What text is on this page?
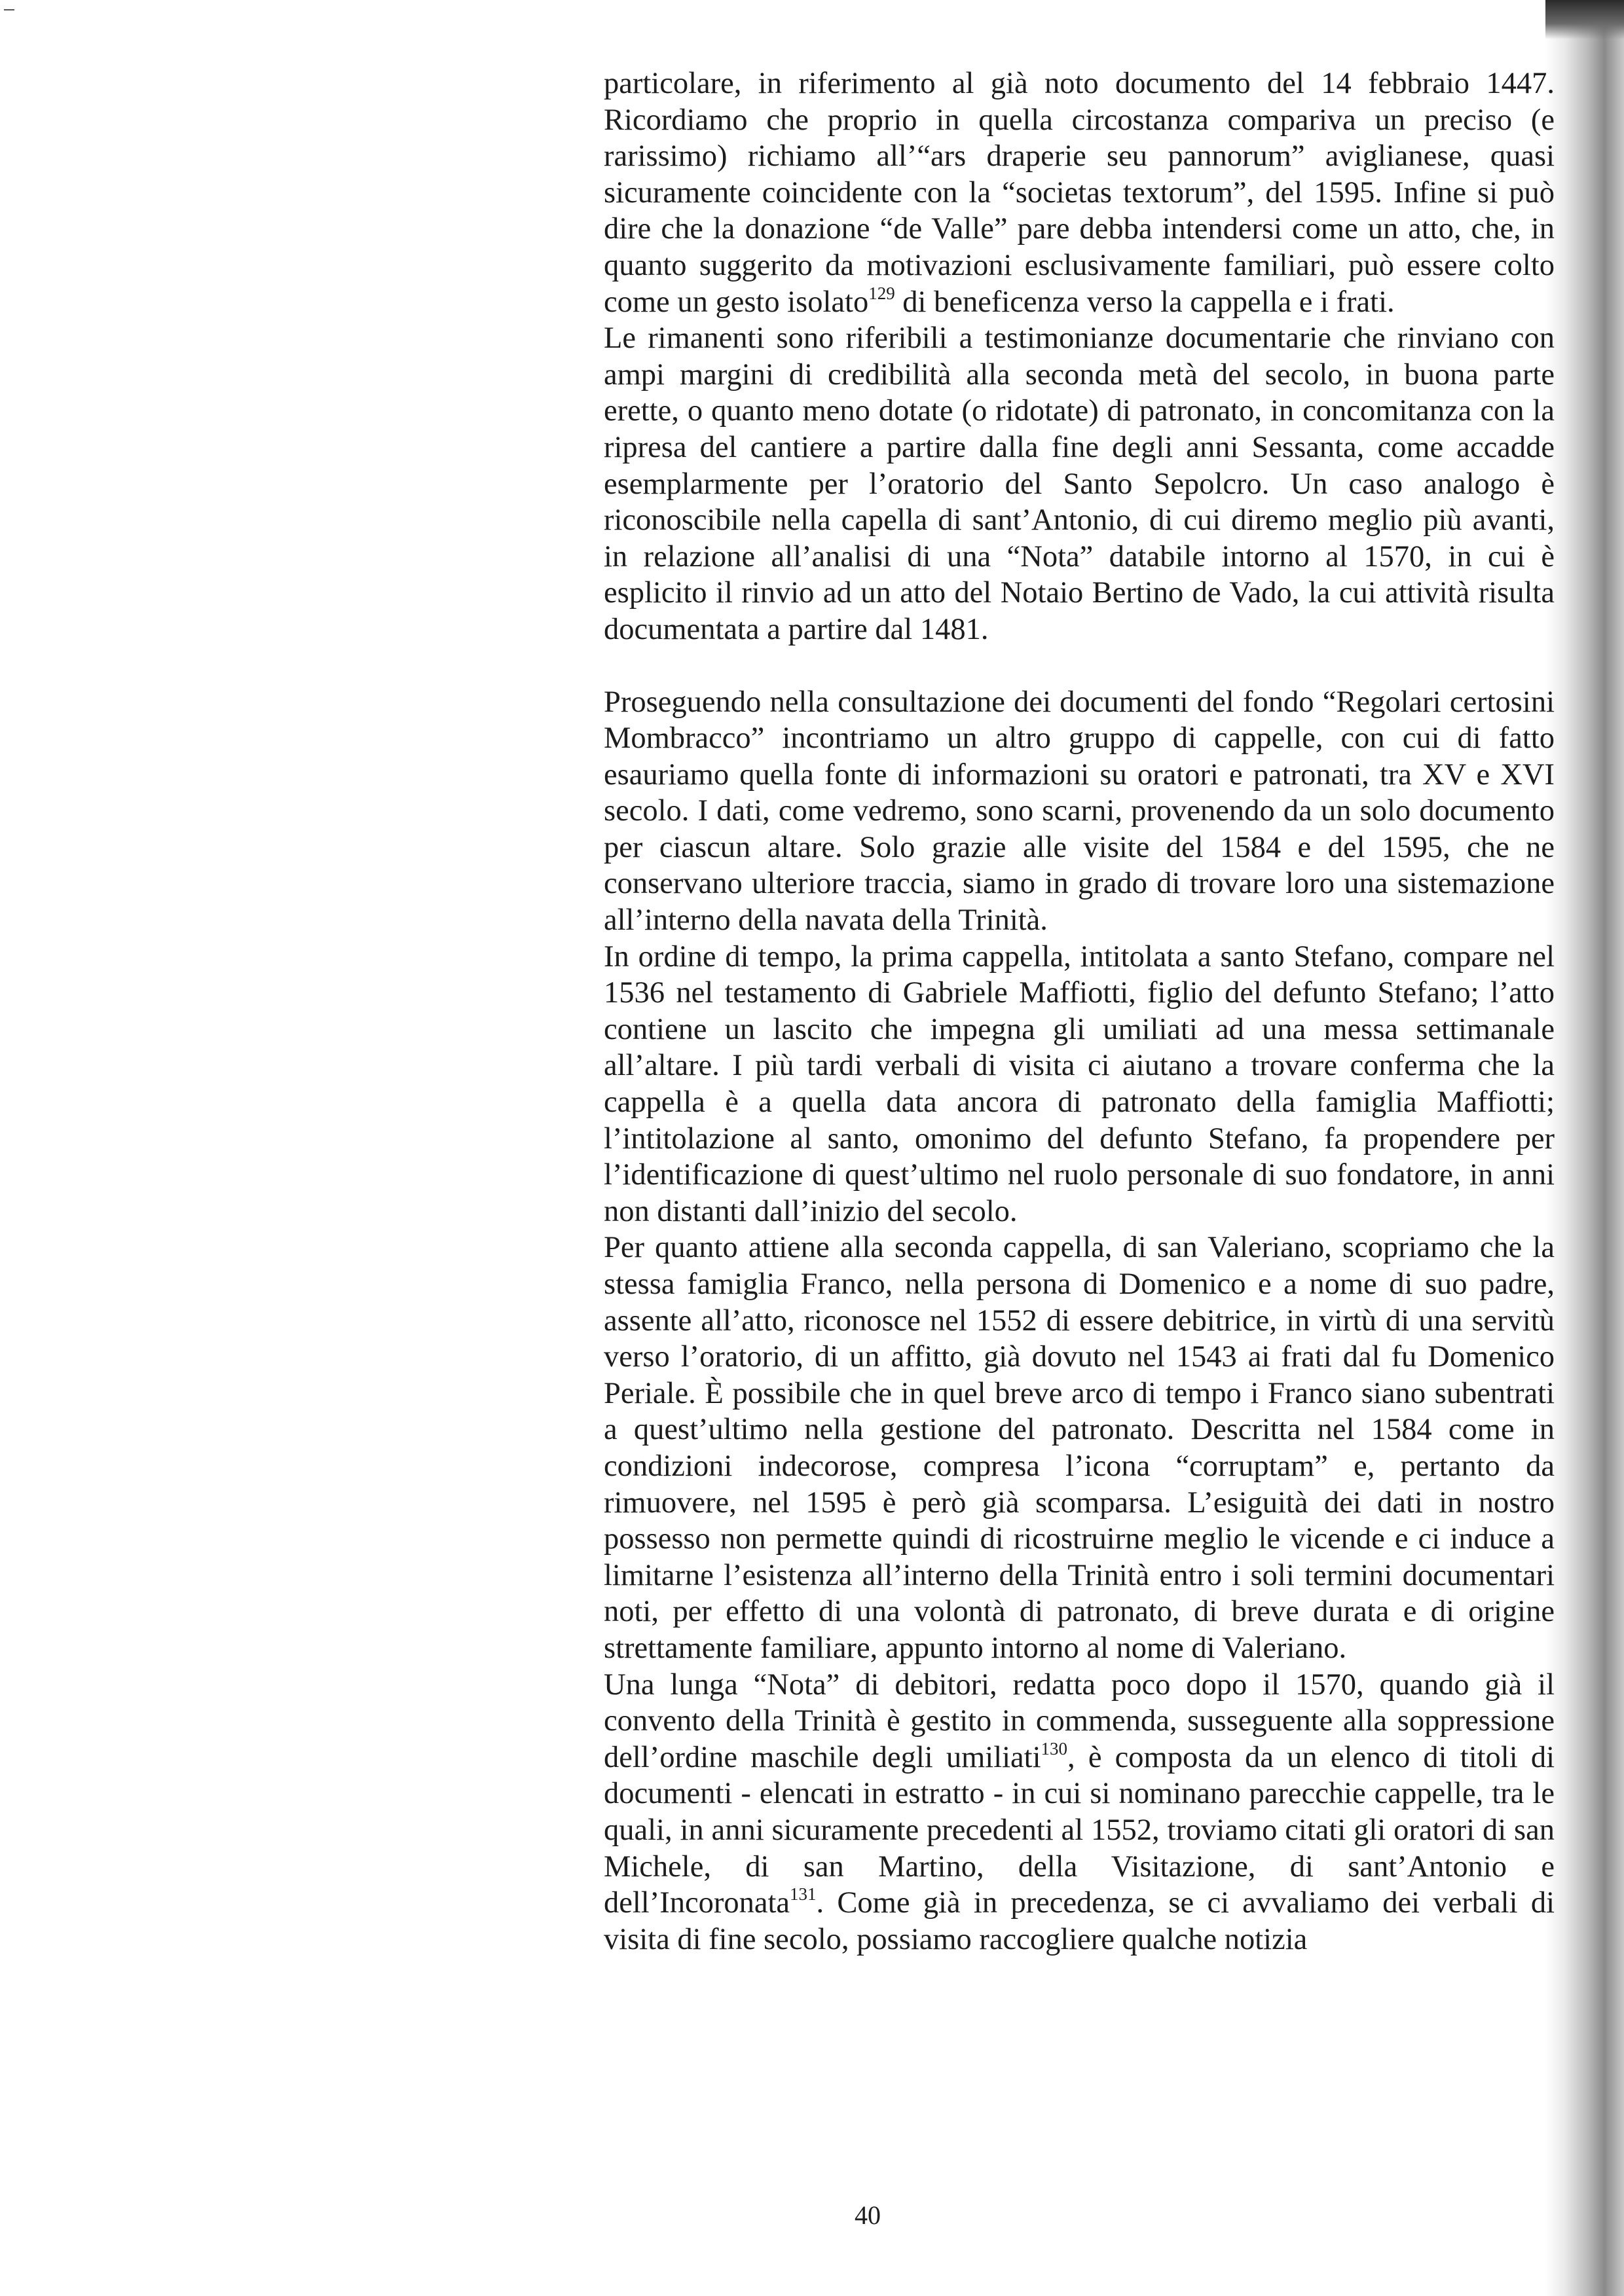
particolare, in riferimento al già noto documento del 14 febbraio 1447. Ricordiamo che proprio in quella circostanza compariva un preciso (e rarissimo) richiamo all’“ars draperie seu pannorum” aviglianese, quasi sicuramente coincidente con la “societas textorum”, del 1595. Infine si può dire che la donazione “de Valle” pare debba intendersi come un atto, che, in quanto suggerito da motivazioni esclusivamente familiari, può essere colto come un gesto isolato$^{129}$ di beneficenza verso la cappella e i frati.

Le rimanenti sono riferibili a testimonianze documentarie che rinviano con ampi margini di credibilità alla seconda metà del secolo, in buona parte erette, o quanto meno dotate (o ridotate) di patronato, in concomitanza con la ripresa del cantiere a partire dalla fine degli anni Sessanta, come accadde esemplarmente per l’oratorio del Santo Sepolcro. Un caso analogo è riconoscibile nella capella di sant’Antonio, di cui diremo meglio più avanti, in relazione all’analisi di una “Nota” databile intorno al 1570, in cui è esplicito il rinvio ad un atto del Notaio Bertino de Vado, la cui attività risulta documentata a partire dal 1481.

Proseguendo nella consultazione dei documenti del fondo “Regolari certosini Mombracco” incontriamo un altro gruppo di cappelle, con cui di fatto esauriamo quella fonte di informazioni su oratori e patronati, tra XV e XVI secolo. I dati, come vedremo, sono scarni, provenendo da un solo documento per ciascun altare. Solo grazie alle visite del 1584 e del 1595, che ne conservano ulteriore traccia, siamo in grado di trovare loro una sistemazione all’interno della navata della Trinità.

In ordine di tempo, la prima cappella, intitolata a santo Stefano, compare nel 1536 nel testamento di Gabriele Maffiotti, figlio del defunto Stefano; l’atto contiene un lascito che impegna gli umiliati ad una messa settimanale all’altare. I più tardi verbali di visita ci aiutano a trovare conferma che la cappella è a quella data ancora di patronato della famiglia Maffiotti; l’intitolazione al santo, omonimo del defunto Stefano, fa propendere per l’identificazione di quest’ultimo nel ruolo personale di suo fondatore, in anni non distanti dall’inizio del secolo.

Per quanto attiene alla seconda cappella, di san Valeriano, scopriamo che la stessa famiglia Franco, nella persona di Domenico e a nome di suo padre, assente all’atto, riconosce nel 1552 di essere debitrice, in virtù di una servitù verso l’oratorio, di un affitto, già dovuto nel 1543 ai frati dal fu Domenico Periale. È possibile che in quel breve arco di tempo i Franco siano subentrati a quest’ultimo nella gestione del patronato. Descritta nel 1584 come in condizioni indecorose, compresa l’icona “corruptam” e, pertanto da rimuovere, nel 1595 è però già scomparsa. L’esiguità dei dati in nostro possesso non permette quindi di ricostruirne meglio le vicende e ci induce a limitarne l’esistenza all’interno della Trinità entro i soli termini documentari noti, per effetto di una volontà di patronato, di breve durata e di origine strettamente familiare, appunto intorno al nome di Valeriano.

Una lunga “Nota” di debitori, redatta poco dopo il 1570, quando già il convento della Trinità è gestito in commenda, susseguente alla soppressione dell’ordine maschile degli umiliati$^{130}$, è composta da un elenco di titoli di documenti - elencati in estratto - in cui si nominano parecchie cappelle, tra le quali, in anni sicuramente precedenti al 1552, troviamo citati gli oratori di san Michele, di san Martino, della Visitazione, di sant’Antonio e dell’Incoronata$^{131}$. Come già in precedenza, se ci avvaliamo dei verbali di visita di fine secolo, possiamo raccogliere qualche notizia

40
